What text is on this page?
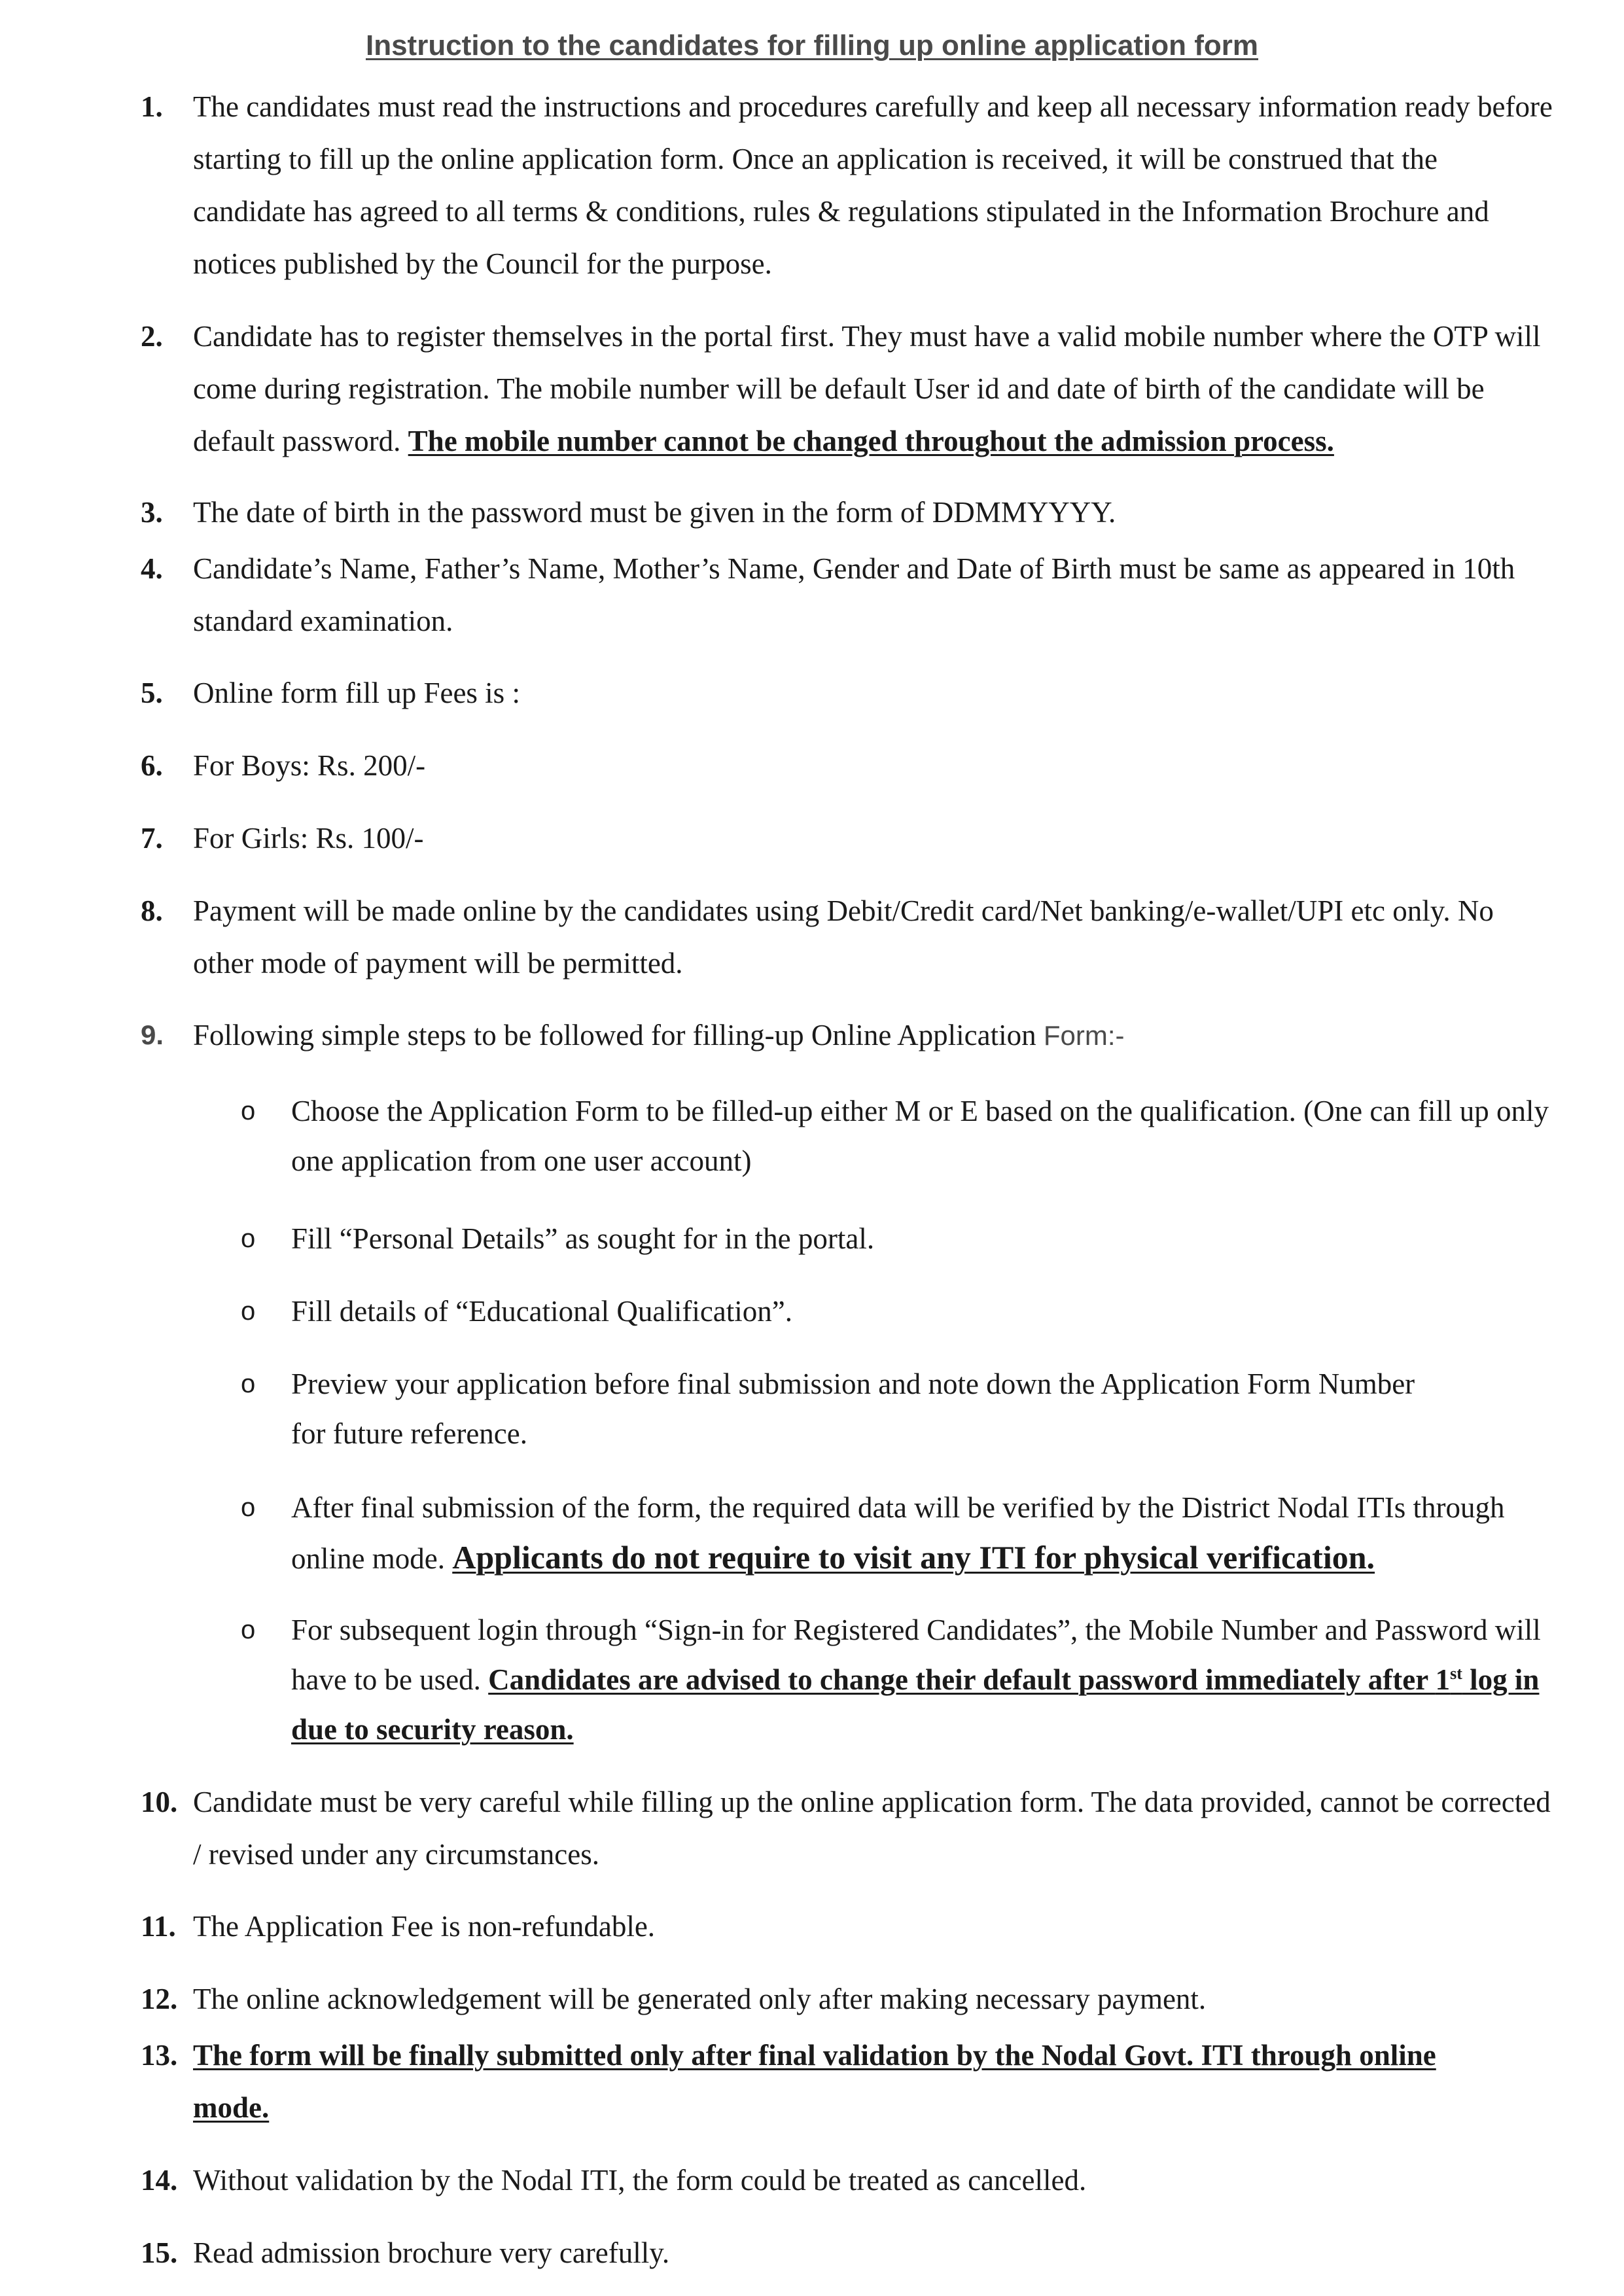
Instruction to the candidates for filling up online application form
1.	The candidates must read the instructions and procedures carefully and keep all necessary information ready before starting to fill up the online application form. Once an application is received, it will be construed that the candidate has agreed to all terms & conditions, rules & regulations stipulated in the Information Brochure and notices published by the Council for the purpose.

2.	Candidate has to register themselves in the portal first. They must have a valid mobile number where the OTP will come during registration. The mobile number will be default User id and date of birth of the candidate will be default password. The mobile number cannot be changed throughout the admission process.

3.	The date of birth in the password must be given in the form of DDMMYYYY.

4.	Candidate’s Name, Father’s Name, Mother’s Name, Gender and Date of Birth must be same as appeared in 10th standard examination.

5.	Online form fill up Fees is :

6.	For Boys: Rs. 200/-

7.	For Girls: Rs. 100/-

8.	Payment will be made online by the candidates using Debit/Credit card/Net banking/e-wallet/UPI etc only. No other mode of payment will be permitted.

9. Following simple steps to be followed for filling-up Online Application Form:-

o	Choose the Application Form to be filled-up either M or E based on the qualification. (One can fill up only one application from one user account)

o	Fill “Personal Details” as sought for in the portal.

o	Fill details of “Educational Qualification”.

o	Preview your application before final submission and note down the Application Form Number
for future reference.

o	After final submission of the form, the required data will be verified by the District Nodal ITIs through
online mode. Applicants do not require to visit any ITI for physical verification.

o	For subsequent login through “Sign-in for Registered Candidates”, the Mobile Number and Password will have to be used. Candidates are advised to change their default password immediately after 1st log in due to security reason.

10. Candidate must be very careful while filling up the online application form. The data provided, cannot be corrected / revised under any circumstances.

11. The Application Fee is non-refundable.

12. The online acknowledgement will be generated only after making necessary payment.

13. The form will be finally submitted only after final validation by the Nodal Govt. ITI through online
mode.

14. Without validation by the Nodal ITI, the form could be treated as cancelled.

15. Read admission brochure very carefully.
